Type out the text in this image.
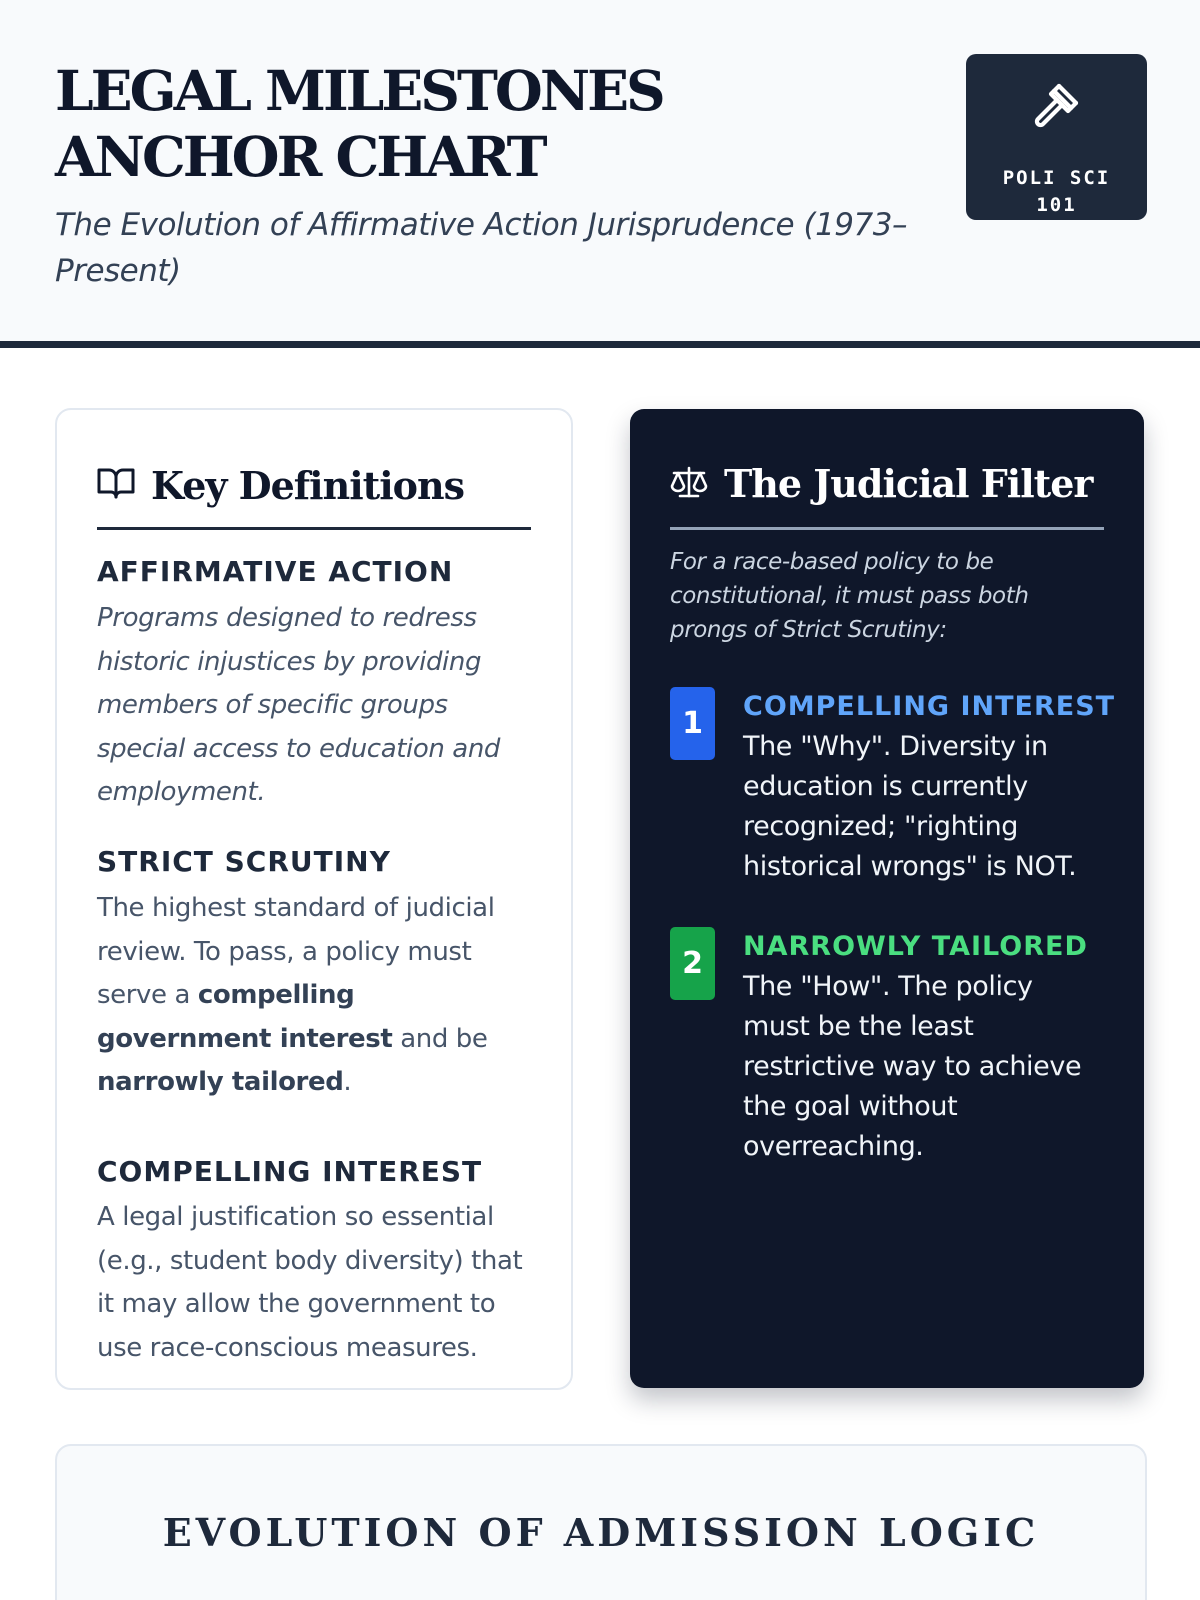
LEGAL MILESTONES ANCHOR CHART

The Evolution of Affirmative Action Jurisprudence (1973–Present)

POLI SCI
101
Key Definitions
AFFIRMATIVE ACTION

Programs designed to redress historic injustices by providing members of specific groups special access to education and employment.

STRICT SCRUTINY

The highest standard of judicial review. To pass, a policy must serve a compelling government interest and be narrowly tailored.

COMPELLING INTEREST

A legal justification so essential (e.g., student body diversity) that it may allow the government to use race-conscious measures.

The Judicial Filter

For a race-based policy to be constitutional, it must pass both prongs of Strict Scrutiny:

1	COMPELLING INTEREST

The "Why". Diversity in education is currently recognized; "righting historical wrongs" is NOT.

2	NARROWLY TAILORED

The "How". The policy must be the least restrictive way to achieve the goal without overreaching.

EVOLUTION OF ADMISSION LOGIC
